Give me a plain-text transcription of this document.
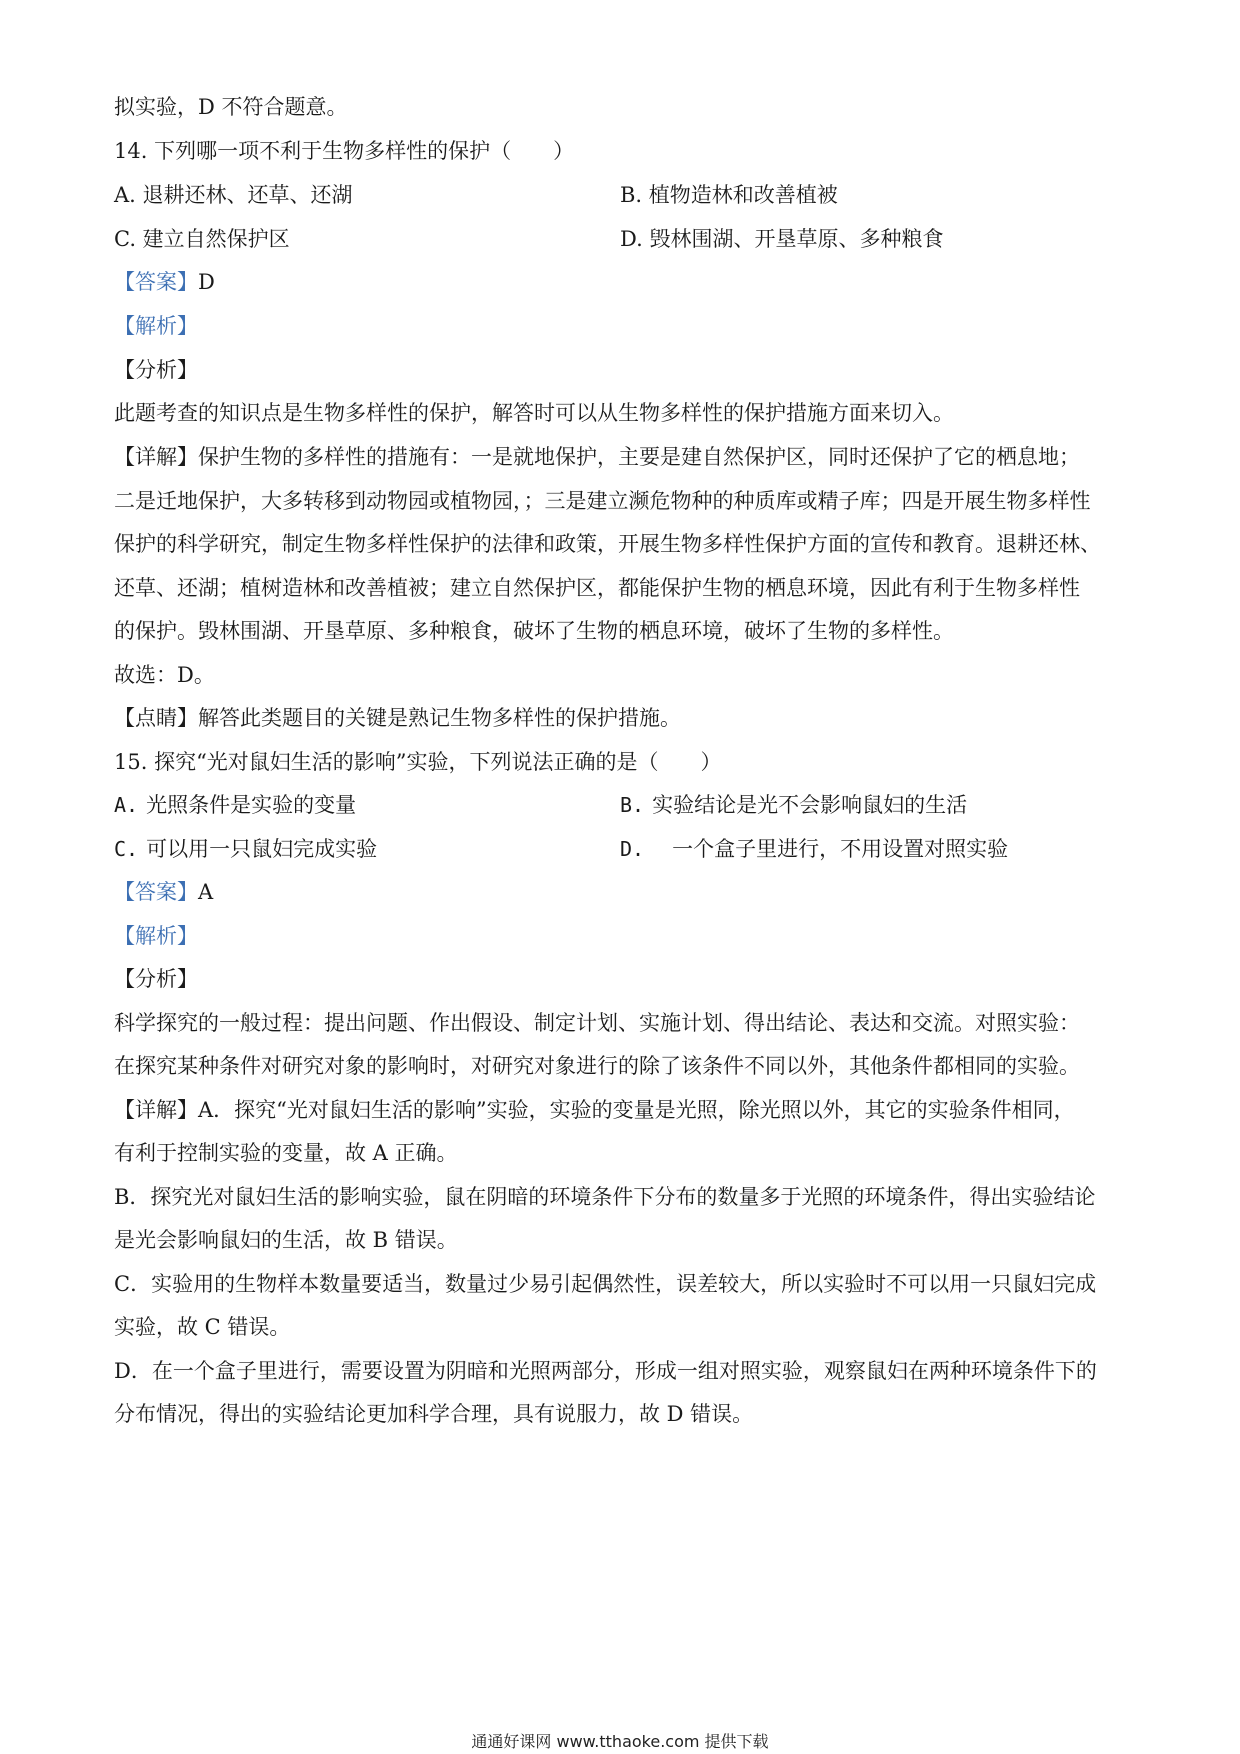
拟实验，D 不符合题意。
14. 下列哪一项不利于生物多样性的保护（　　）
A. 退耕还林、还草、还湖	B. 植物造林和改善植被
C. 建立自然保护区	D. 毁林围湖、开垦草原、多种粮食
【答案】D
【解析】
【分析】
此题考查的知识点是生物多样性的保护，解答时可以从生物多样性的保护措施方面来切入。
【详解】保护生物的多样性的措施有：一是就地保护，主要是建自然保护区，同时还保护了它的栖息地；
二是迁地保护，大多转移到动物园或植物园，；三是建立濒危物种的种质库或精子库；四是开展生物多样性
保护的科学研究，制定生物多样性保护的法律和政策，开展生物多样性保护方面的宣传和教育。退耕还林、
还草、还湖；植树造林和改善植被；建立自然保护区，都能保护生物的栖息环境，因此有利于生物多样性
的保护。毁林围湖、开垦草原、多种粮食，破坏了生物的栖息环境，破坏了生物的多样性。
故选：D。
【点睛】解答此类题目的关键是熟记生物多样性的保护措施。
15. 探究“光对鼠妇生活的影响”实验，下列说法正确的是（　　）
A. 光照条件是实验的变量	B. 实验结论是光不会影响鼠妇的生活
C. 可以用一只鼠妇完成实验	D. 一个盒子里进行，不用设置对照实验
【答案】A
【解析】
【分析】
科学探究的一般过程：提出问题、作出假设、制定计划、实施计划、得出结论、表达和交流。对照实验：
在探究某种条件对研究对象的影响时，对研究对象进行的除了该条件不同以外，其他条件都相同的实验。
【详解】A．探究“光对鼠妇生活的影响”实验，实验的变量是光照，除光照以外，其它的实验条件相同，
有利于控制实验的变量，故 A 正确。
B．探究光对鼠妇生活的影响实验，鼠在阴暗的环境条件下分布的数量多于光照的环境条件，得出实验结论
是光会影响鼠妇的生活，故 B 错误。
C．实验用的生物样本数量要适当，数量过少易引起偶然性，误差较大，所以实验时不可以用一只鼠妇完成
实验，故 C 错误。
D．在一个盒子里进行，需要设置为阴暗和光照两部分，形成一组对照实验，观察鼠妇在两种环境条件下的
分布情况，得出的实验结论更加科学合理，具有说服力，故 D 错误。
通通好课网 www.tthaoke.com 提供下载
